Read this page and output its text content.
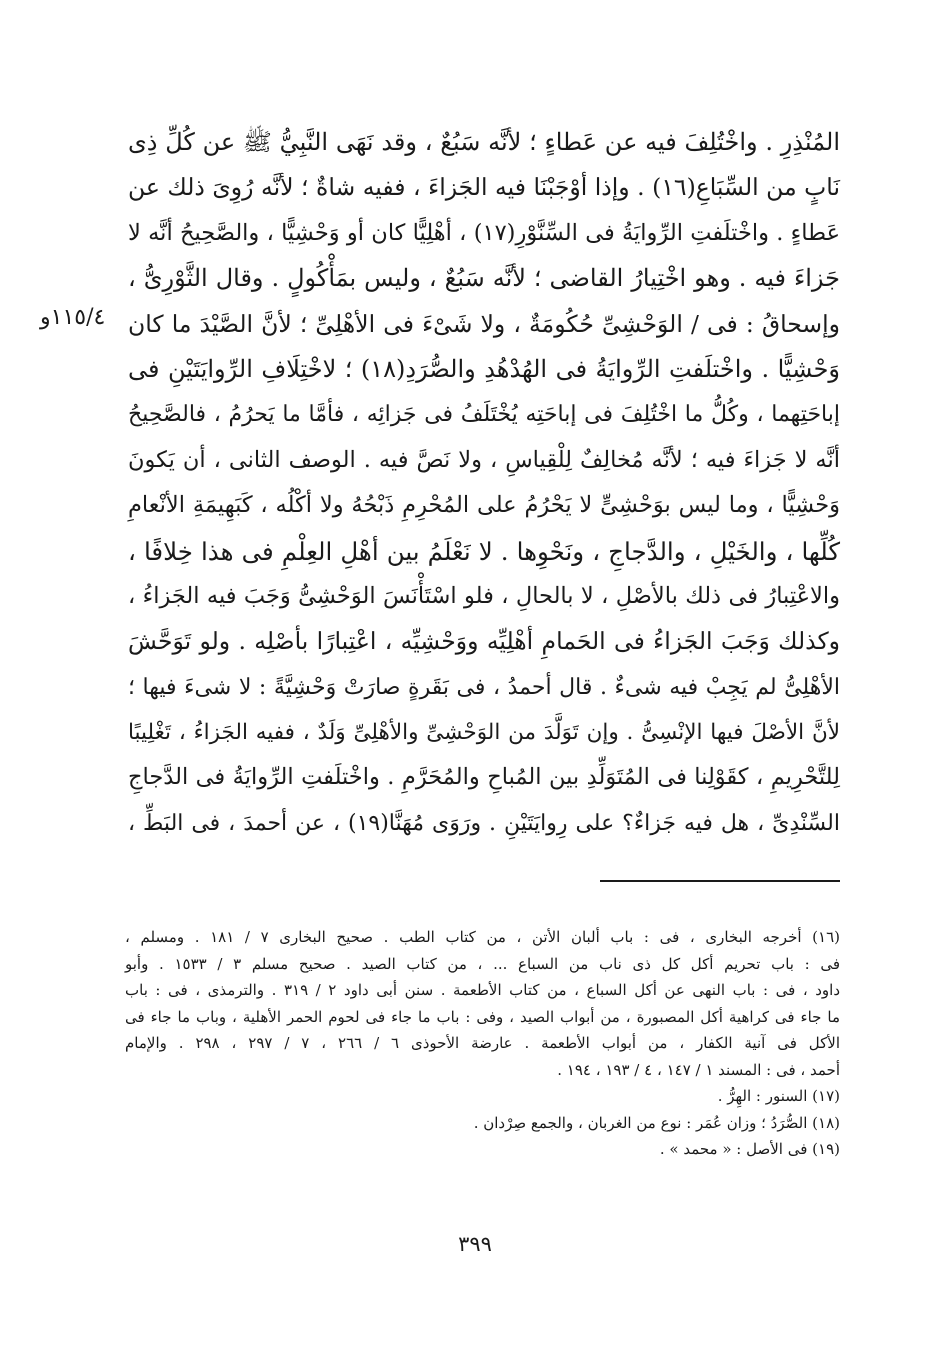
١١٥/٤و
المُنْذِرِ . واخْتُلِفَ فيه عن عَطاءٍ ؛ لأنَّه سَبُعٌ ، وقد نَهَى النَّبِيُّ ﷺ عن كُلِّ ذِى
نَابٍ من السِّبَاعِ(١٦) . وإذا أوْجَبْنَا فيه الجَزاءَ ، ففيه شاةٌ ؛ لأنَّه رُوِىَ ذلك عن
عَطاءٍ . واخْتلَفتِ الرِّوايَةُ فى السِّنَّوْرِ(١٧) ، أهْلِيًّا كان أو وَحْشِيًّا ، والصَّحِيحُ أنَّه لا
جَزاءَ فيه . وهو اخْتِيارُ القاضى ؛ لأنَّه سَبُعٌ ، وليس بمَأْكُولٍ . وقال الثَّوْرِىُّ ،
وإسحاقُ : فى / الوَحْشِىِّ حُكُومَةٌ ، ولا شَىْءَ فى الأهْلِىِّ ؛ لأنَّ الصَّيْدَ ما كان
وَحْشِيًّا . واخْتلَفتِ الرِّوايَةُ فى الهُدْهُدِ والصُّرَدِ(١٨) ؛ لاخْتِلَافِ الرِّوايَتَيْنِ فى
إباحَتِهما ، وكُلُّ ما اخْتُلِفَ فى إباحَتِه يُخْتَلَفُ فى جَزائِه ، فأمَّا ما يَحرُمُ ، فالصَّحِيحُ
أنَّه لا جَزاءَ فيه ؛ لأنَّه مُخالِفٌ لِلْقِياسِ ، ولا نَصَّ فيه . الوصف الثانى ، أن يَكونَ
وَحْشِيًّا ، وما ليس بوَحْشِىٍّ لا يَحْرُمُ على المُحْرِمِ ذَبْحُهُ ولا أكْلُه ، كَبَهِيمَةِ الأنْعامِ
كُلِّها ، والخَيْلِ ، والدَّجاجِ ، ونَحْوِها . لا نَعْلَمُ بين أهْلِ العِلْمِ فى هذا خِلافًا ،
والاعْتِبارُ فى ذلك بالأصْلِ ، لا بالحالِ ، فلو اسْتَأْنَسَ الوَحْشِىُّ وَجَبَ فيه الجَزاءُ ،
وكذلك وَجَبَ الجَزاءُ فى الحَمامِ أهْلِيِّه ووَحْشِيِّه ، اعْتِبارًا بأصْلِه . ولو تَوَحَّشَ
الأهْلِىُّ لم يَجِبْ فيه شىءٌ . قال أحمدُ ، فى بَقَرةٍ صارَتْ وَحْشِيَّةً : لا شىءَ فيها ؛
لأنَّ الأصْلَ فيها الإنْسِىُّ . وإن تَوَلَّدَ من الوَحْشِىِّ والأهْلِىِّ وَلَدٌ ، ففيه الجَزاءُ ، تَغْلِيبًا
لِلتَّحْرِيمِ ، كقَوْلِنا فى المُتَوَلِّدِ بين المُباحِ والمُحَرَّمِ . واخْتلَفتِ الرِّوايَةُ فى الدَّجاجِ
السِّنْدِىِّ ، هل فيه جَزاءٌ؟ على رِوايَتَيْنِ . ورَوَى مُهَنَّا(١٩) ، عن أحمدَ ، فى البَطِّ ،
(١٦) أخرجه البخارى ، فى : باب ألبان الأتن ، من كتاب الطب . صحيح البخارى ٧ / ١٨١ . ومسلم ،
فى : باب تحريم أكل كل ذى ناب من السباع ... ، من كتاب الصيد . صحيح مسلم ٣ / ١٥٣٣ . وأبو
داود ، فى : باب النهى عن أكل السباع ، من كتاب الأطعمة . سنن أبى داود ٢ / ٣١٩ . والترمذى ، فى : باب
ما جاء فى كراهية أكل المصبورة ، من أبواب الصيد ، وفى : باب ما جاء فى لحوم الحمر الأهلية ، وباب ما جاء فى
الأكل فى آنية الكفار ، من أبواب الأطعمة . عارضة الأحوذى ٦ / ٢٦٦ ، ٧ / ٢٩٧ ، ٢٩٨ . والإمام
أحمد ، فى : المسند ١ / ١٤٧ ، ٤ / ١٩٣ ، ١٩٤ .
(١٧) السنور : الهِرُّ .
(١٨) الصُّرَدُ ؛ وزان عُمَر : نوع من الغربان ، والجمع صِرْدان .
(١٩) فى الأصل : « محمد » .
٣٩٩
